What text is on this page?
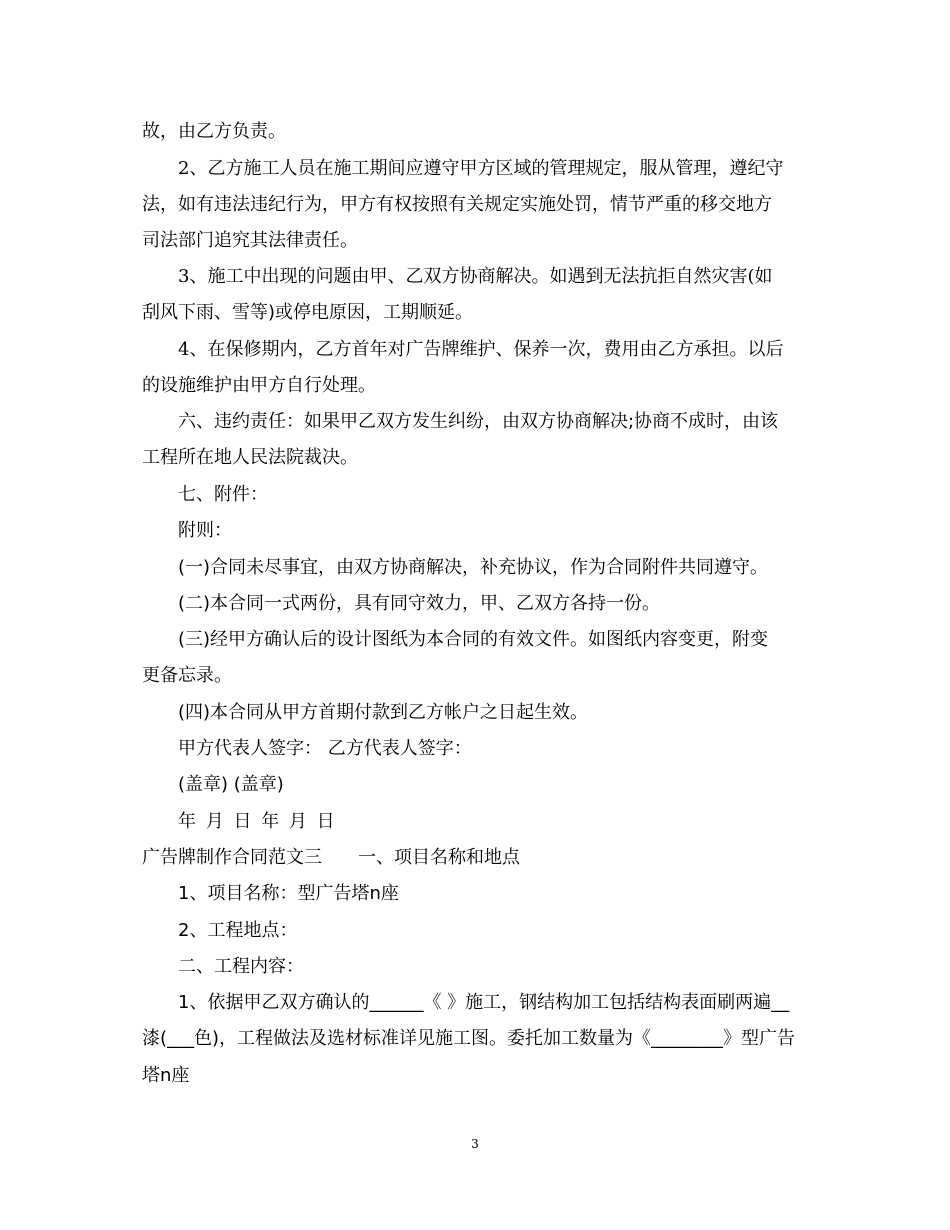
故，由乙方负责。
2、乙方施工人员在施工期间应遵守甲方区域的管理规定，服从管理，遵纪守
法，如有违法违纪行为，甲方有权按照有关规定实施处罚，情节严重的移交地方
司法部门追究其法律责任。
3、施工中出现的问题由甲、乙双方协商解决。如遇到无法抗拒自然灾害(如
刮风下雨、雪等)或停电原因，工期顺延。
4、在保修期内，乙方首年对广告牌维护、保养一次，费用由乙方承担。以后
的设施维护由甲方自行处理。
六、违约责任：如果甲乙双方发生纠纷，由双方协商解决;协商不成时，由该
工程所在地人民法院裁决。
七、附件：
附则：
(一)合同未尽事宜，由双方协商解决，补充协议，作为合同附件共同遵守。
(二)本合同一式两份，具有同守效力，甲、乙双方各持一份。
(三)经甲方确认后的设计图纸为本合同的有效文件。如图纸内容变更，附变
更备忘录。
(四)本合同从甲方首期付款到乙方帐户之日起生效。
甲方代表人签字： 乙方代表人签字：
(盖章) (盖章)
年 月 日 年 月 日
广告牌制作合同范文三 一、项目名称和地点
1、项目名称：型广告塔n座
2、工程地点：
二、工程内容：
1、依据甲乙双方确认的______《 》施工，钢结构加工包括结构表面刷两遍__
漆(___色)，工程做法及选材标准详见施工图。委托加工数量为《________》型广告
塔n座
3
